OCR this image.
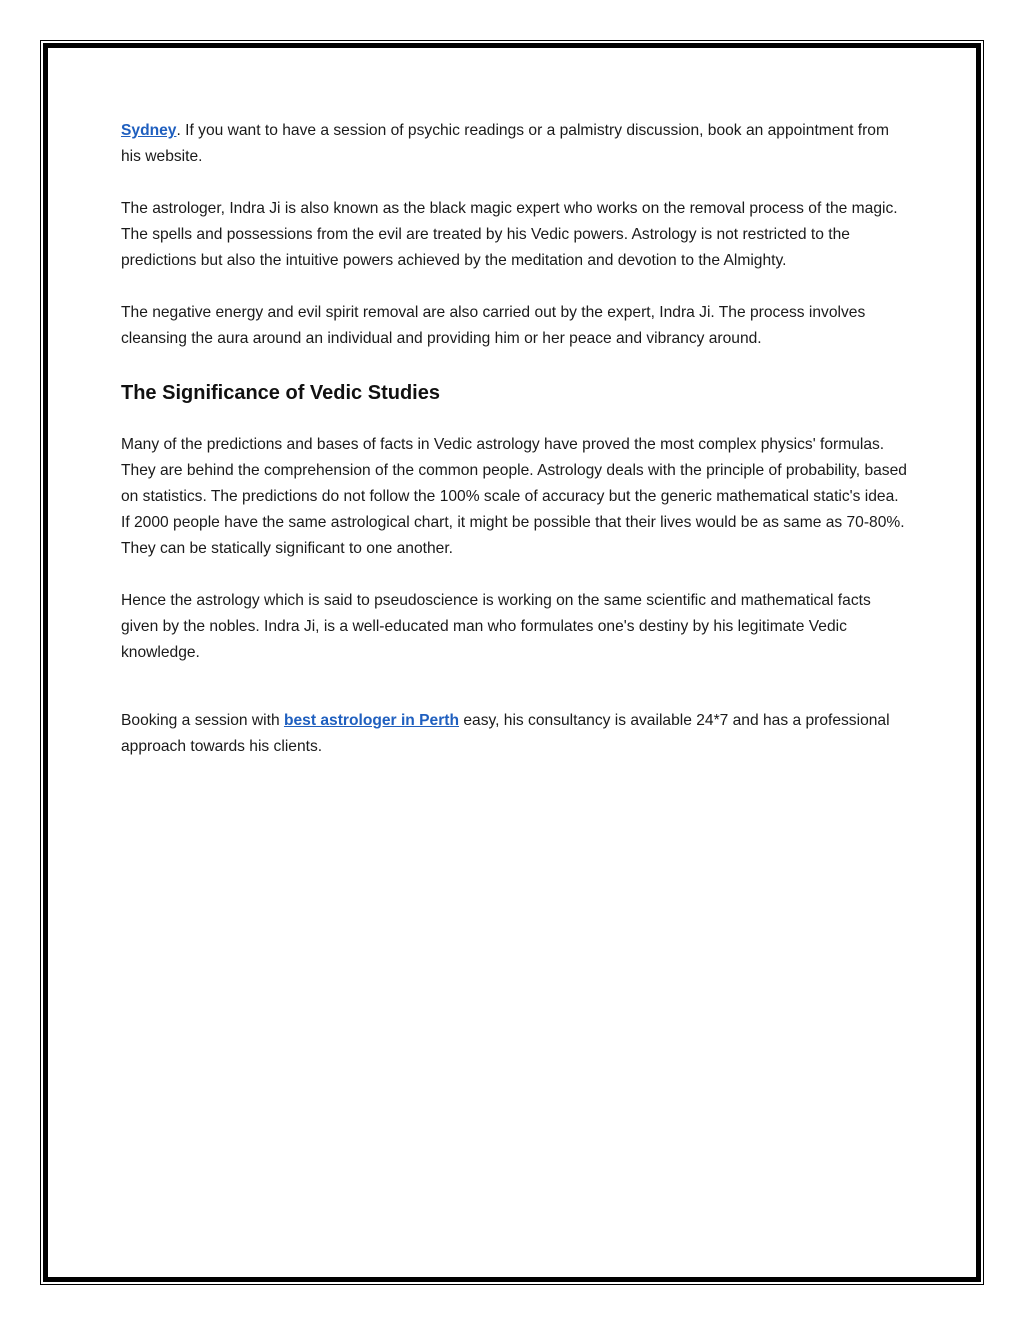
Sydney. If you want to have a session of psychic readings or a palmistry discussion, book an appointment from his website.

The astrologer, Indra Ji is also known as the black magic expert who works on the removal process of the magic. The spells and possessions from the evil are treated by his Vedic powers. Astrology is not restricted to the predictions but also the intuitive powers achieved by the meditation and devotion to the Almighty.

The negative energy and evil spirit removal are also carried out by the expert, Indra Ji. The process involves cleansing the aura around an individual and providing him or her peace and vibrancy around.

The Significance of Vedic Studies

Many of the predictions and bases of facts in Vedic astrology have proved the most complex physics' formulas. They are behind the comprehension of the common people. Astrology deals with the principle of probability, based on statistics. The predictions do not follow the 100% scale of accuracy but the generic mathematical static's idea. If 2000 people have the same astrological chart, it might be possible that their lives would be as same as 70-80%. They can be statically significant to one another.

Hence the astrology which is said to pseudoscience is working on the same scientific and mathematical facts given by the nobles. Indra Ji, is a well-educated man who formulates one's destiny by his legitimate Vedic knowledge.

Booking a session with best astrologer in Perth easy, his consultancy is available 24*7 and has a professional approach towards his clients.
